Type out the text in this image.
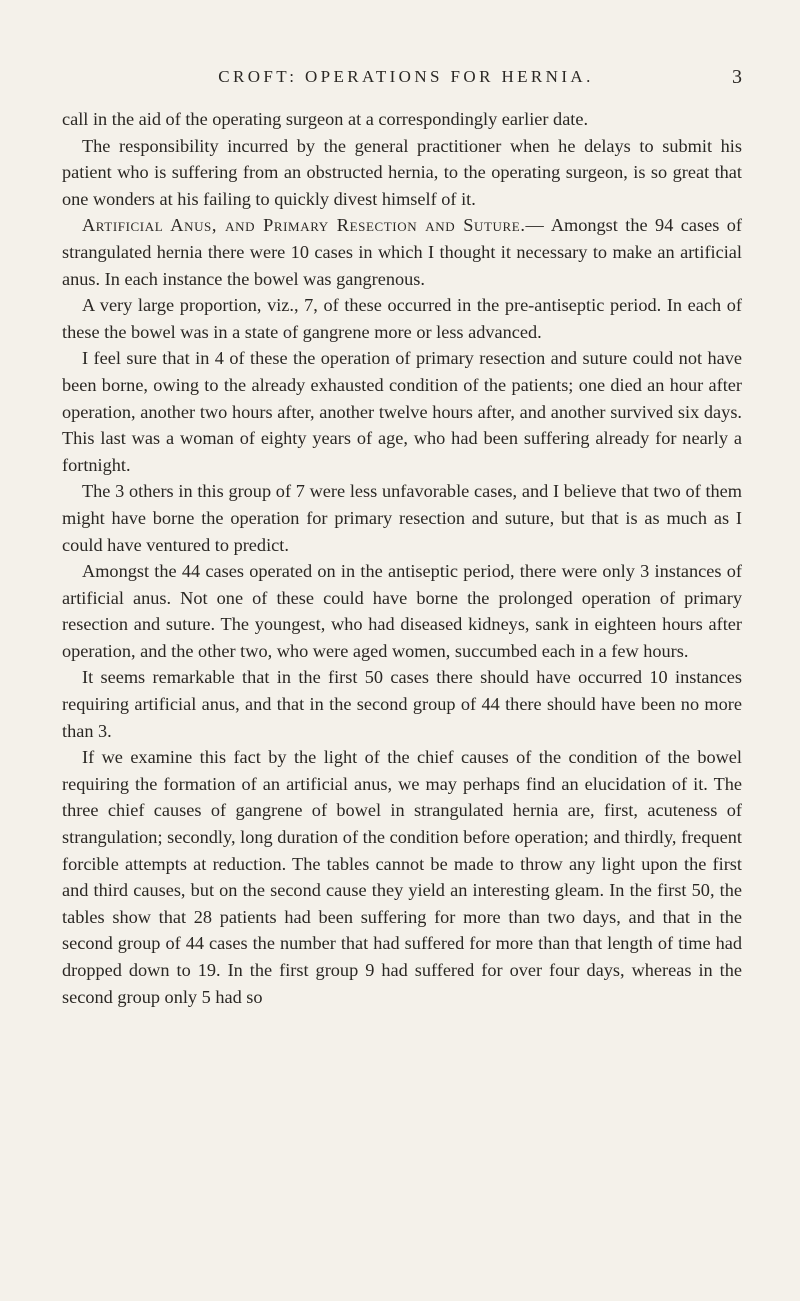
CROFT: OPERATIONS FOR HERNIA.	3

call in the aid of the operating surgeon at a correspondingly earlier date.

The responsibility incurred by the general practitioner when he delays to submit his patient who is suffering from an obstructed hernia, to the operating surgeon, is so great that one wonders at his failing to quickly divest himself of it.

Artificial Anus, and Primary Resection and Suture.— Amongst the 94 cases of strangulated hernia there were 10 cases in which I thought it necessary to make an artificial anus. In each instance the bowel was gangrenous.

A very large proportion, viz., 7, of these occurred in the pre-antiseptic period. In each of these the bowel was in a state of gangrene more or less advanced.

I feel sure that in 4 of these the operation of primary resection and suture could not have been borne, owing to the already exhausted condition of the patients; one died an hour after operation, another two hours after, another twelve hours after, and another survived six days. This last was a woman of eighty years of age, who had been suffering already for nearly a fortnight.

The 3 others in this group of 7 were less unfavorable cases, and I believe that two of them might have borne the operation for primary resection and suture, but that is as much as I could have ventured to predict.

Amongst the 44 cases operated on in the antiseptic period, there were only 3 instances of artificial anus. Not one of these could have borne the prolonged operation of primary resection and suture. The youngest, who had diseased kidneys, sank in eighteen hours after operation, and the other two, who were aged women, succumbed each in a few hours.

It seems remarkable that in the first 50 cases there should have occurred 10 instances requiring artificial anus, and that in the second group of 44 there should have been no more than 3.

If we examine this fact by the light of the chief causes of the condition of the bowel requiring the formation of an artificial anus, we may perhaps find an elucidation of it. The three chief causes of gangrene of bowel in strangulated hernia are, first, acuteness of strangulation; secondly, long duration of the condition before operation; and thirdly, frequent forcible attempts at reduction. The tables cannot be made to throw any light upon the first and third causes, but on the second cause they yield an interesting gleam. In the first 50, the tables show that 28 patients had been suffering for more than two days, and that in the second group of 44 cases the number that had suffered for more than that length of time had dropped down to 19. In the first group 9 had suffered for over four days, whereas in the second group only 5 had so
